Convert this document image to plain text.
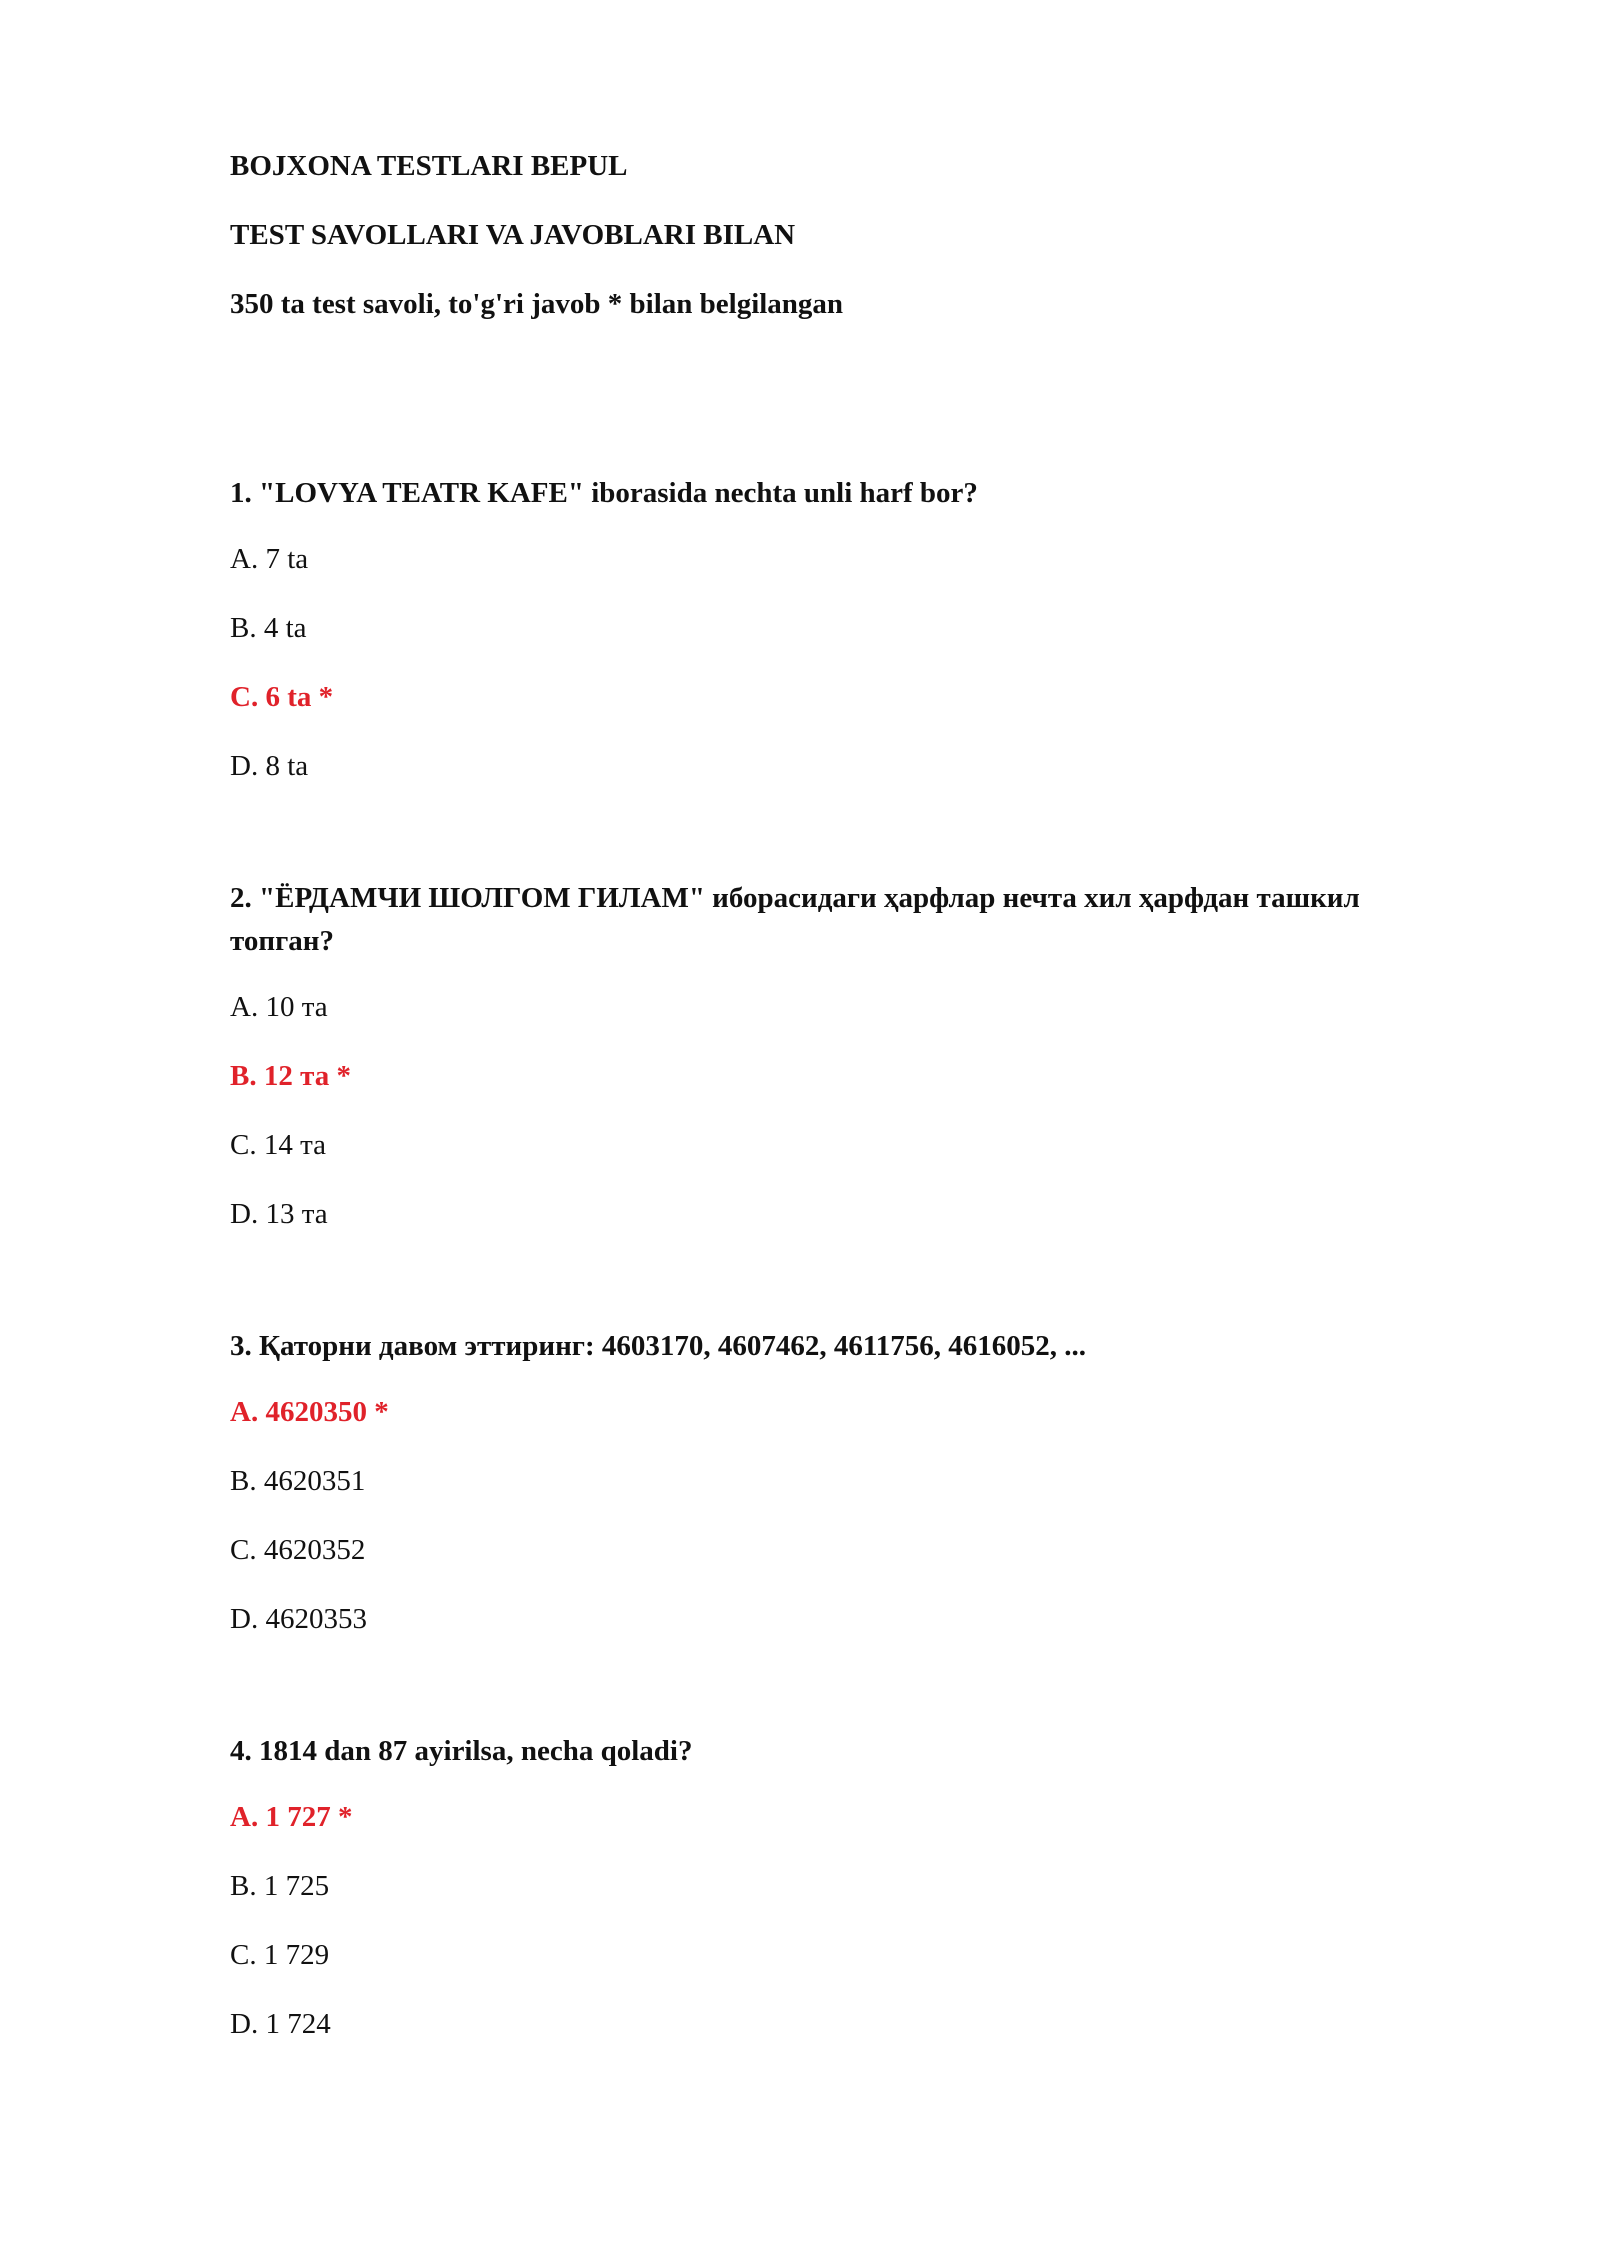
BOJXONA TESTLARI BEPUL
TEST SAVOLLARI VA JAVOBLARI BILAN
350 ta test savoli, to'g'ri javob * bilan belgilangan
1. "LOVYA TEATR KAFE" iborasida nechta unli harf bor?
A. 7 ta
B. 4 ta
C. 6 ta *
D. 8 ta
2. "ЁРДАМЧИ ШОЛГОМ ГИЛАМ" иборасидаги ҳарфлар нечта хил ҳарфдан ташкил топган?
A. 10 та
B. 12 та *
C. 14 та
D. 13 та
3. Қаторни давом эттиринг: 4603170, 4607462, 4611756, 4616052, ...
A. 4620350 *
B. 4620351
C. 4620352
D. 4620353
4. 1814 dan 87 ayirilsa, necha qoladi?
A. 1 727 *
B. 1 725
C. 1 729
D. 1 724
